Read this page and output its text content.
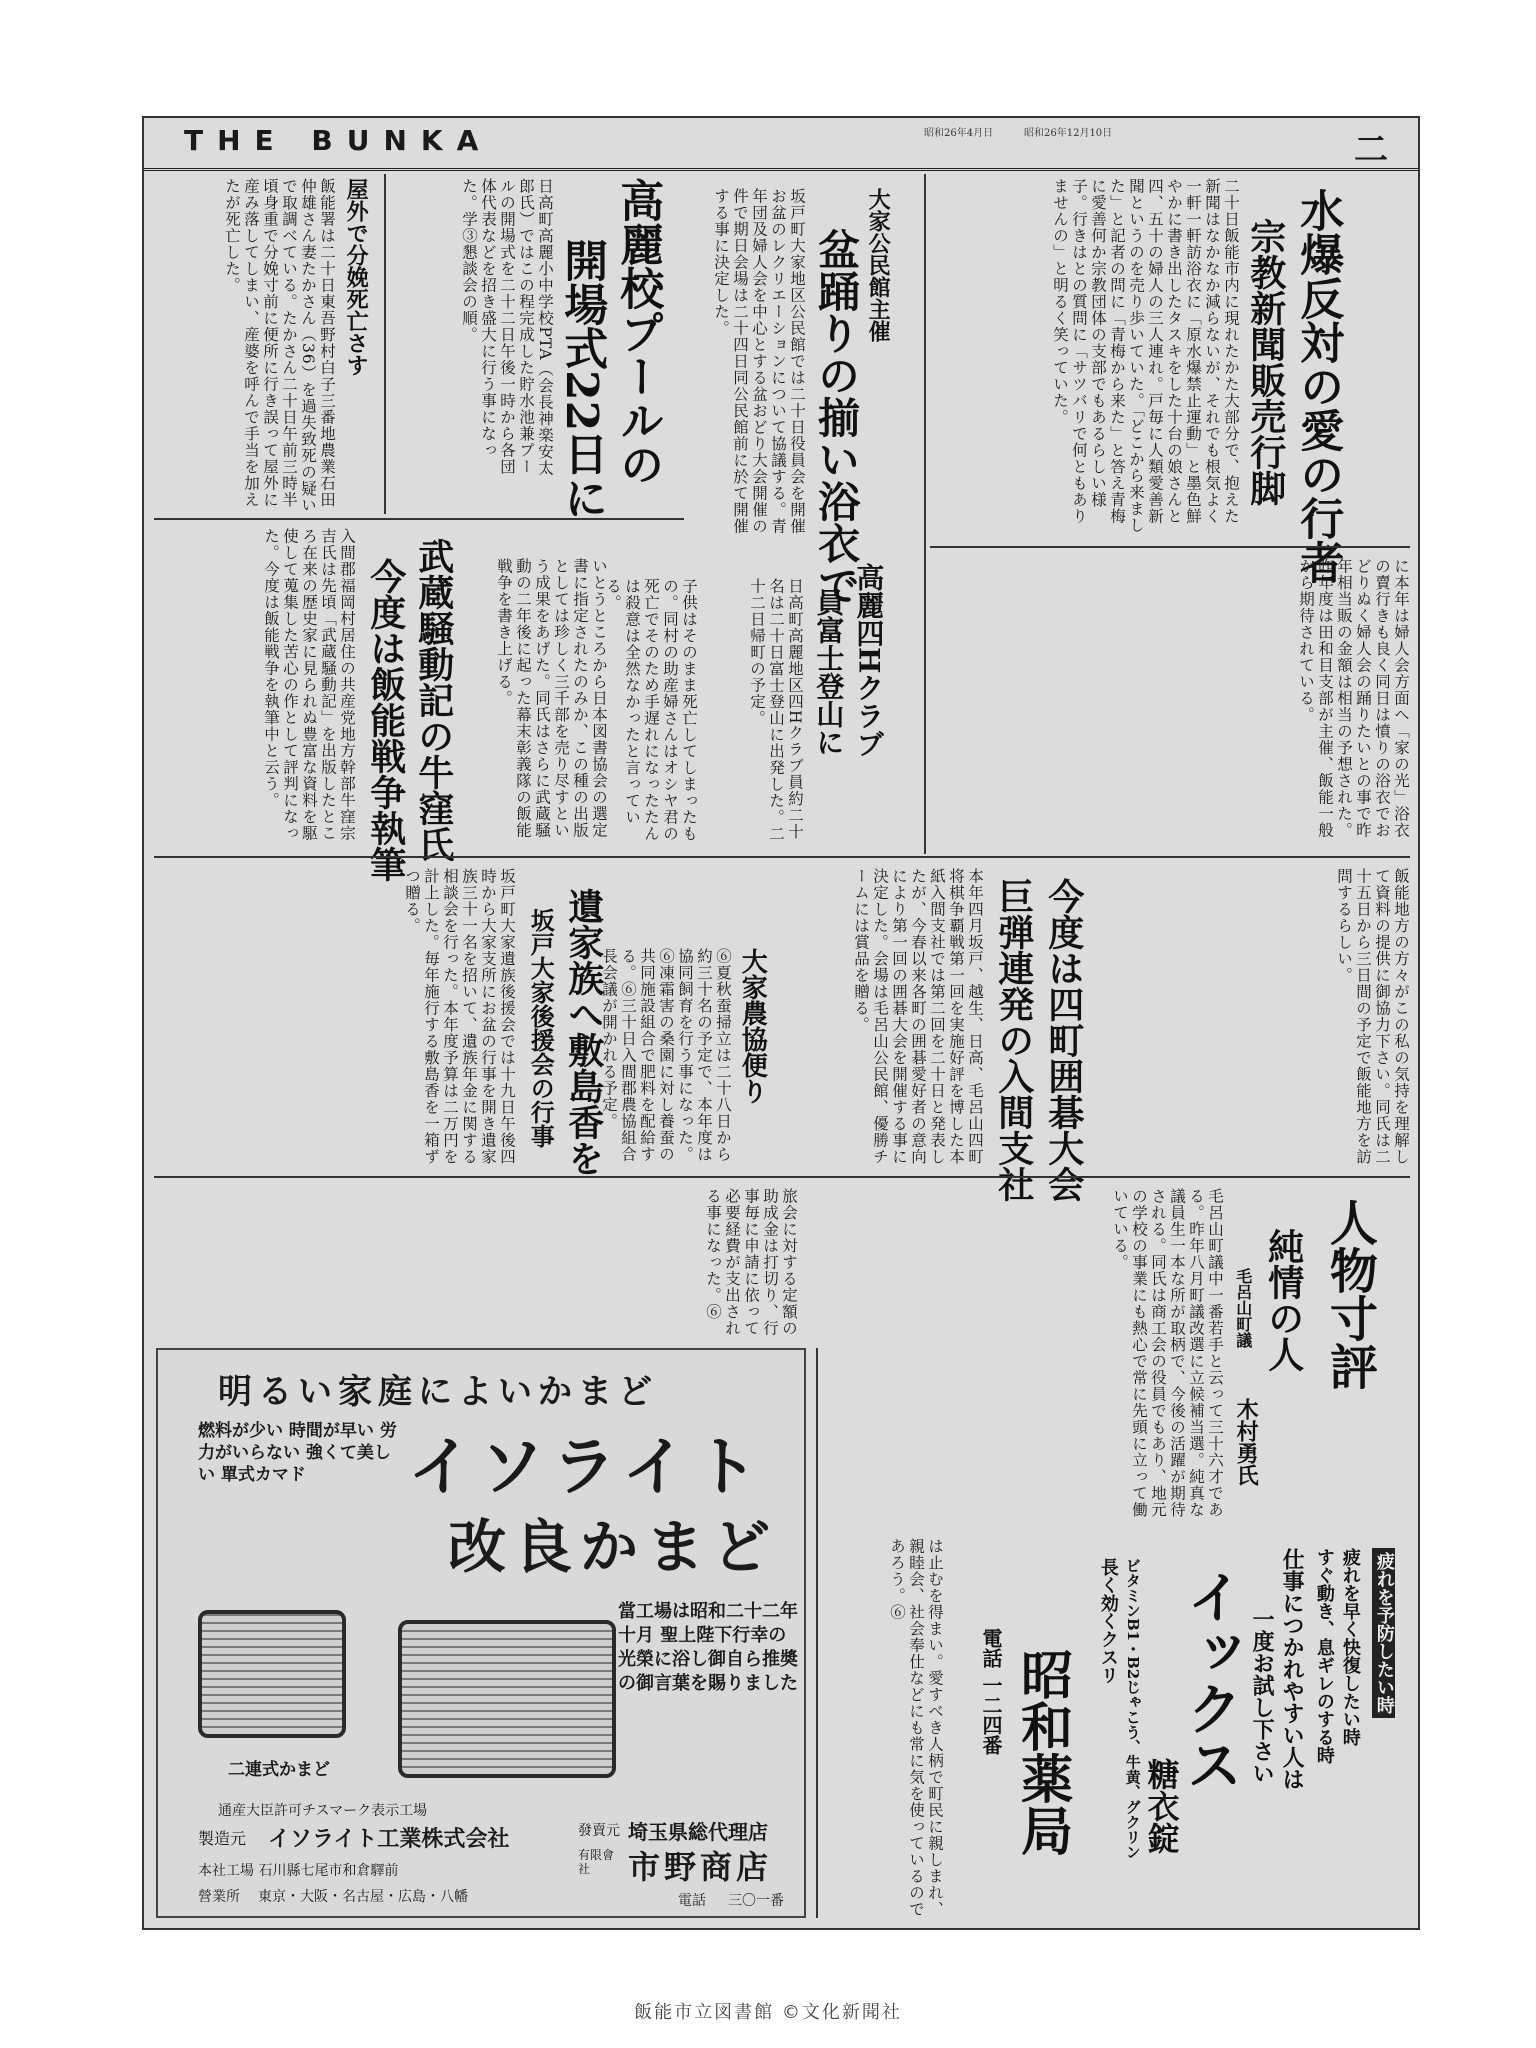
THE BUNKA	昭和26年4月日	昭和26年12月10日	二
水爆反対の愛の行者
宗教新聞販売行脚
二十日飯能市内に現れたかた大部分で、抱えた新聞はなかなか減らないが、それでも根気よく一軒一軒訪浴衣に「原水爆禁止運動」と墨色鮮やかに書き出したタスキをした十台の娘さんと四、五十の婦人の三人連れ。戸毎に人類愛善新聞というのを売り歩いていた。「どこから来ました」と記者の問に「青梅から来た」と答え青梅に愛善何か宗教団体の支部でもあるらしい様子。行きはとの質問に「サツバリで何ともありませんの」と明るく笑っていた。
に本年は婦人会方面へ「家の光」浴衣の賣行きも良く同日は憤りの浴衣でおどりぬく婦人会の踊りたいとの事で昨年相当販の金額は相当の予想された。昨年度は田和目支部が主催、飯能一般から期待されている。
大家公民館主催
盆踊りの揃い浴衣で
坂戸町大家地区公民館では二十日役員会を開催お盆のレクリエーションについて協議する。青年団及婦人会を中心とする盆おどり大会開催の件で期日会場は二十四日同公民館前に於て開催する事に決定した。
高麗校プールの
開場式22日に
日高町高麗小中学校PTA（会長神楽安太郎氏）ではこの程完成した貯水池兼プールの開場式を二十二日午後一時から各団体代表などを招き盛大に行う事になった。学③懇談会の順。
屋外で分娩死亡さす
飯能署は二十日東吾野村白子三番地農業石田仲雄さん妻たかさん（36）を過失致死の疑いで取調べている。たかさん二十日午前三時半頃身重で分娩寸前に便所に行き誤って屋外に産み落してしまい、産婆を呼んで手当を加えたが死亡した。
武蔵騒動記の牛窪氏
今度は飯能戦争執筆
入間郡福岡村居住の共産党地方幹部牛窪宗吉氏は先頃「武蔵騒動記」を出版したところ在来の歴史家に見られぬ豊富な資料を駆使して蒐集した苦心の作として評判になった。今度は飯能戦争を執筆中と云う。	いとうところから日本図書協会の選定書に指定されたのみか、この種の出版としては珍しく三千部を売り尽すという成果をあげた。同氏はさらに武蔵騒動の二年後に起った幕末彰義隊の飯能戦争を書き上げる。	高麗四Hクラブ
員富士登山に
日高町高麗地区四Hクラブ員約二十名は二十日富士登山に出発した。二十二日帰町の予定。
子供はそのまま死亡してしまったもの。同村の助産婦さんはオシヤ君の死亡でそのため手遅れになったたんは殺意は全然なかったと言っている。
今度は四町囲碁大会
巨弾連発の入間支社	飯能地方の方々がこの私の気持を理解して資料の提供に御協力下さい。同氏は二十五日から三日間の予定で飯能地方を訪問するらしい。
本年四月坂戸、越生、日高、毛呂山四町将棋争覇戦第一回を実施好評を博した本紙入間支社では第二回を二十日と発表したが、今春以来各町の囲碁愛好者の意向により第一回の囲碁大会を開催する事に決定した。会場は毛呂山公民館、優勝チームには賞品を贈る。
大家農協便り
⑥夏秋蚕掃立は二十八日から約三十名の予定で、本年度は協同飼育を行う事になった。⑥凍霜害の桑園に対し養蚕の共同施設組合で肥料を配給する。⑥三十日入間郡農協組合長会議が開かれる予定。
遺家族へ敷島香を
坂戸大家後援会の行事
坂戸町大家遺族後援会では十九日午後四時から大家支所にお盆の行事を開き遺家族三十一名を招いて、遺族年金に関する相談会を行った。本年度予算は二万円を計上した。毎年施行する敷島香を一箱ずつ贈る。
人物寸評
純情の人
毛呂山町議
木村勇氏
毛呂山町議中一番若手と云って三十六才である。昨年八月町議改選に立候補当選。純真な議員生一本な所が取柄で、今後の活躍が期待される。同氏は商工会の役員でもあり、地元の学校の事業にも熱心で常に先頭に立って働いている。
旅会に対する定額の助成金は打切り、行事毎に申請に依って必要経費が支出される事になった。⑥
明るい家庭によいかまど
燃料が少い 時間が早い 労力がいらない 強くて美しい 單式カマド	イソライト
改良かまど
當工場は昭和二十二年十月 聖上陛下行幸の光榮に浴し御自ら推奬の御言葉を賜りました
二連式かまど
通産大臣許可チスマーク表示工場
製造元 イソライト工業株式会社
本社工場 石川縣七尾市和倉驛前
營業所 東京・大阪・名古屋・広島・八幡
發賣元 埼玉県総代理店
有限會社	市野商店
電話 三〇一番	は止むを得まい。愛すべき人柄で町民に親しまれ、親睦会、社会奉仕などにも常に気を使っているのであろう。⑥	疲れを予防したい時
疲れを早く快復したい時
すぐ動き、息ギレのする時
仕事につかれやすい人は
一度お試し下さい
イックス
糖衣錠
ビタミンB1・B2じゃこう、牛黄、グクリン
長く効くクスリ
昭和薬局
電話 一二四番
飯能市立図書館 ©文化新聞社
